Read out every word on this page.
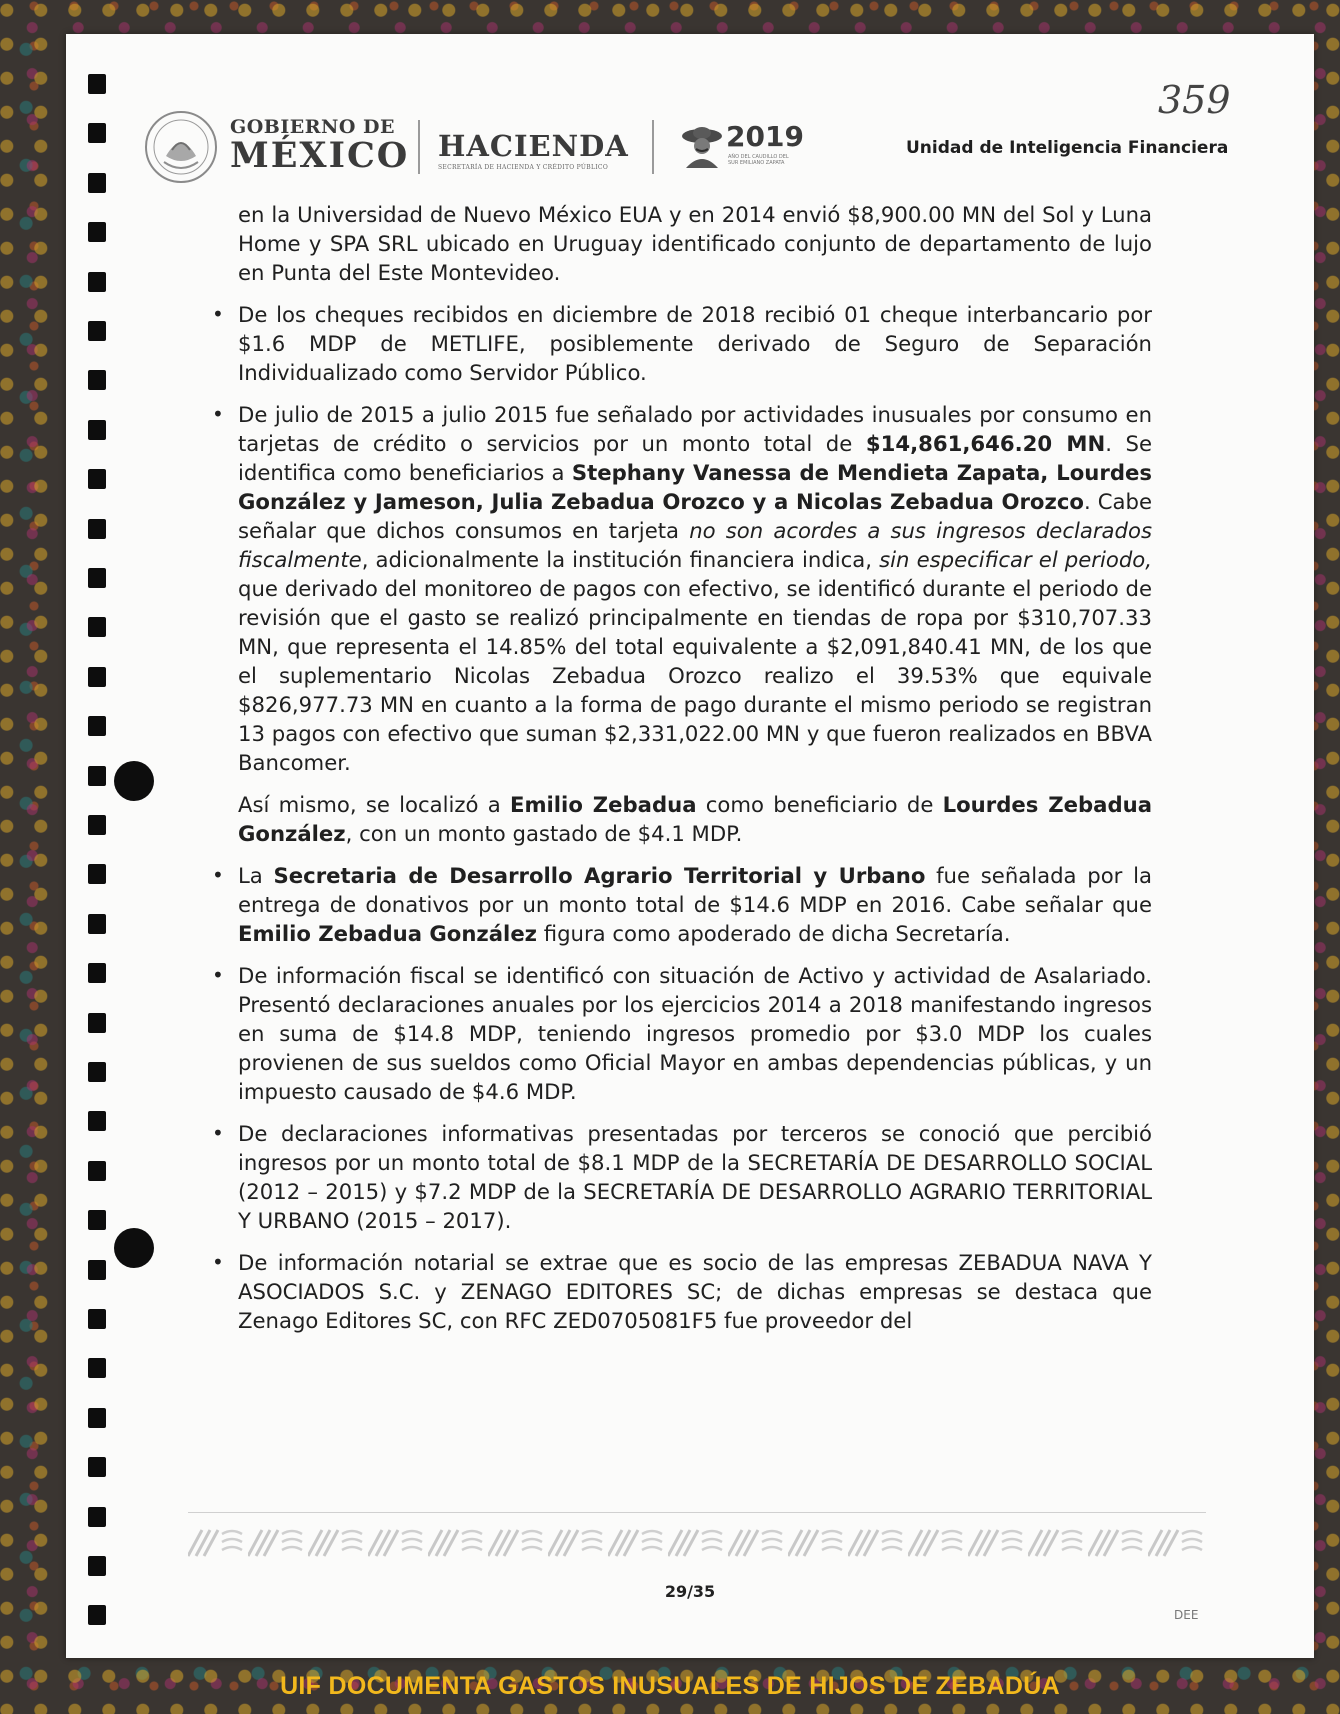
GOBIERNO DE
MÉXICO HACIENDA
SECRETARÍA DE HACIENDA Y CRÉDITO PÚBLICO
2019
AÑO DEL CAUDILLO DEL SUR EMILIANO ZAPATA
Unidad de Inteligencia Financiera
359

en la Universidad de Nuevo México EUA y en 2014 envió $8,900.00 MN del Sol y Luna Home y SPA SRL ubicado en Uruguay identificado conjunto de departamento de lujo en Punta del Este Montevideo.

• De los cheques recibidos en diciembre de 2018 recibió 01 cheque interbancario por $1.6 MDP de METLIFE, posiblemente derivado de Seguro de Separación Individualizado como Servidor Público.
• De julio de 2015 a julio 2015 fue señalado por actividades inusuales por consumo en tarjetas de crédito o servicios por un monto total de $14,861,646.20 MN. Se identifica como beneficiarios a Stephany Vanessa de Mendieta Zapata, Lourdes González y Jameson, Julia Zebadua Orozco y a Nicolas Zebadua Orozco. Cabe señalar que dichos consumos en tarjeta no son acordes a sus ingresos declarados fiscalmente, adicionalmente la institución financiera indica, sin especificar el periodo, que derivado del monitoreo de pagos con efectivo, se identificó durante el periodo de revisión que el gasto se realizó principalmente en tiendas de ropa por $310,707.33 MN, que representa el 14.85% del total equivalente a $2,091,840.41 MN, de los que el suplementario Nicolas Zebadua Orozco realizo el 39.53% que equivale $826,977.73 MN en cuanto a la forma de pago durante el mismo periodo se registran 13 pagos con efectivo que suman $2,331,022.00 MN y que fueron realizados en BBVA Bancomer.

Así mismo, se localizó a Emilio Zebadua como beneficiario de Lourdes Zebadua González, con un monto gastado de $4.1 MDP.

• La Secretaria de Desarrollo Agrario Territorial y Urbano fue señalada por la entrega de donativos por un monto total de $14.6 MDP en 2016. Cabe señalar que Emilio Zebadua González figura como apoderado de dicha Secretaría.
• De información fiscal se identificó con situación de Activo y actividad de Asalariado. Presentó declaraciones anuales por los ejercicios 2014 a 2018 manifestando ingresos en suma de $14.8 MDP, teniendo ingresos promedio por $3.0 MDP los cuales provienen de sus sueldos como Oficial Mayor en ambas dependencias públicas, y un impuesto causado de $4.6 MDP.
• De declaraciones informativas presentadas por terceros se conoció que percibió ingresos por un monto total de $8.1 MDP de la SECRETARÍA DE DESARROLLO SOCIAL (2012 – 2015) y $7.2 MDP de la SECRETARÍA DE DESARROLLO AGRARIO TERRITORIAL Y URBANO (2015 – 2017).
• De información notarial se extrae que es socio de las empresas ZEBADUA NAVA Y ASOCIADOS S.C. y ZENAGO EDITORES SC; de dichas empresas se destaca que Zenago Editores SC, con RFC ZED0705081F5 fue proveedor del
29/35
DEE
UIF DOCUMENTA GASTOS INUSUALES DE HIJOS DE ZEBADÚA
